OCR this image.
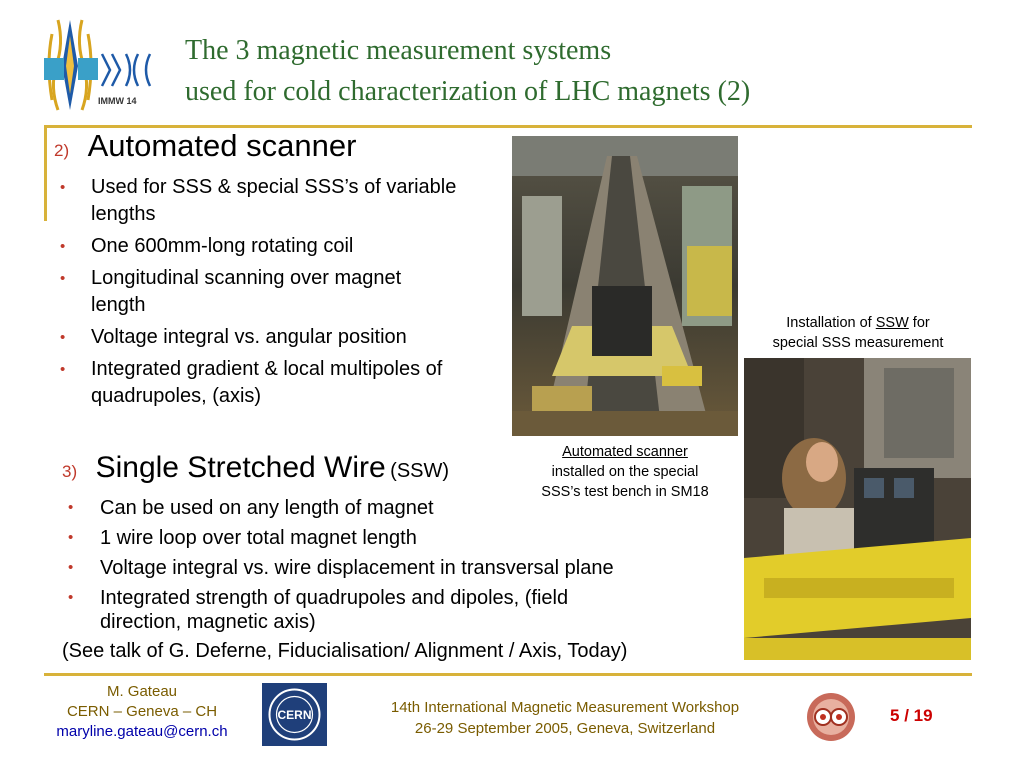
IMMW 14
The 3 magnetic measurement systems
used for cold characterization of LHC magnets (2)
2) Automated scanner
• Used for SSS & special SSS’s of variable lengths
• One 600mm-long rotating coil
• Longitudinal scanning over magnet length
• Voltage integral vs. angular position
• Integrated gradient & local multipoles of quadrupoles, (axis)
3) Single Stretched Wire (SSW)
• Can be used on any length of magnet
• 1 wire loop over total magnet length
• Voltage integral vs. wire displacement in transversal plane
• Integrated strength of quadrupoles and dipoles, (field direction, magnetic axis)
(See talk of G. Deferne, Fiducialisation/ Alignment / Axis, Today)
Automated scanner
installed on the special
SSS’s test bench in SM18
Installation of SSW for
special SSS measurement
M. Gateau
CERN – Geneva – CH
maryline.gateau@cern.ch
CERN	14th International Magnetic Measurement Workshop
26-29 September 2005, Geneva, Switzerland
5 / 19
